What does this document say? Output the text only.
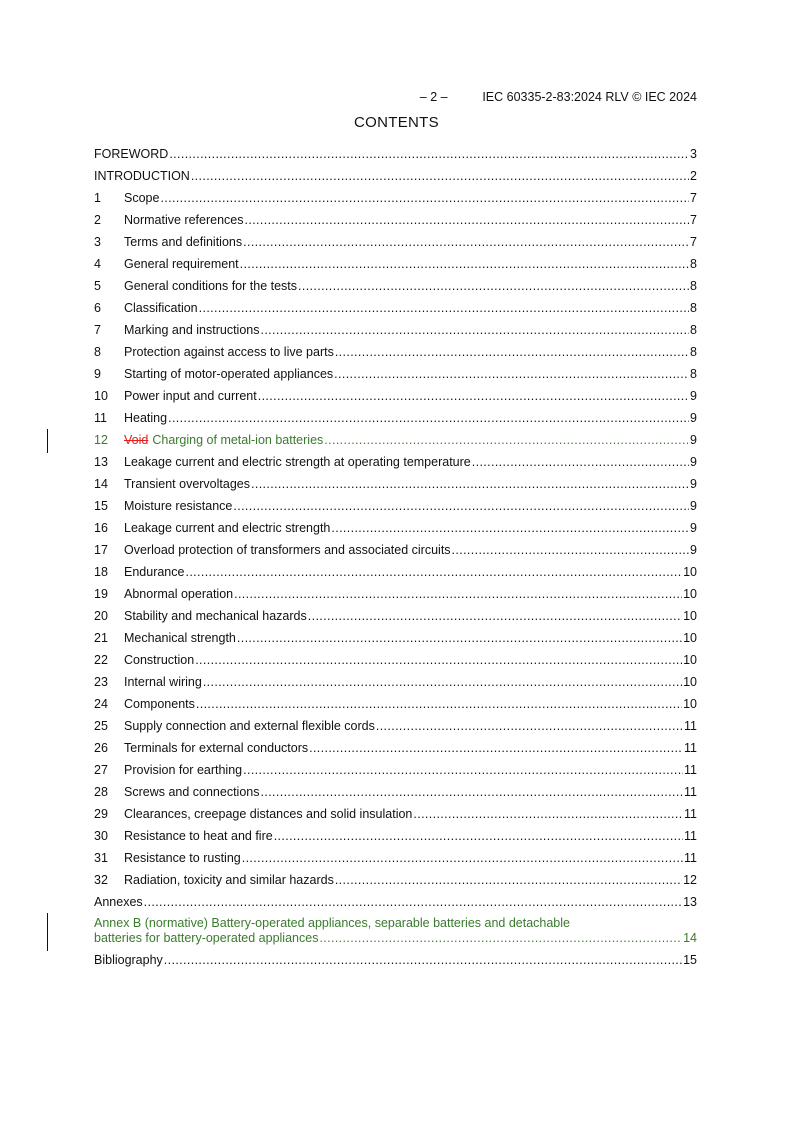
– 2 –	IEC 60335-2-83:2024 RLV © IEC 2024

CONTENTS
FOREWORD . . .	3
INTRODUCTION . . .	2
1	Scope . . .	7
2	Normative references . . .	7
3	Terms and definitions . . .	7
4	General requirement . . .	8
5	General conditions for the tests . . .	8
6	Classification . . .	8
7	Marking and instructions . . .	8
8	Protection against access to live parts . . .	8
9	Starting of motor-operated appliances . . .	8
10	Power input and current . . .	9
11	Heating . . .	9
12	Void Charging of metal-ion batteries . . .	9
13	Leakage current and electric strength at operating temperature . . .	9
14	Transient overvoltages . . .	9
15	Moisture resistance . . .	9
16	Leakage current and electric strength . . .	9
17	Overload protection of transformers and associated circuits . . .	9
18	Endurance . . .	10
19	Abnormal operation . . .	10
20	Stability and mechanical hazards . . .	10
21	Mechanical strength . . .	10
22	Construction . . .	10
23	Internal wiring . . .	10
24	Components . . .	10
25	Supply connection and external flexible cords . . .	11
26	Terminals for external conductors . . .	11
27	Provision for earthing . . .	11
28	Screws and connections . . .	11
29	Clearances, creepage distances and solid insulation . . .	11
30	Resistance to heat and fire . . .	11
31	Resistance to rusting . . .	11
32	Radiation, toxicity and similar hazards . . .	12
Annexes . . .	13
Annex B (normative) Battery-operated appliances, separable batteries and detachable
batteries for battery-operated appliances . . .	14
Bibliography . . .	15
